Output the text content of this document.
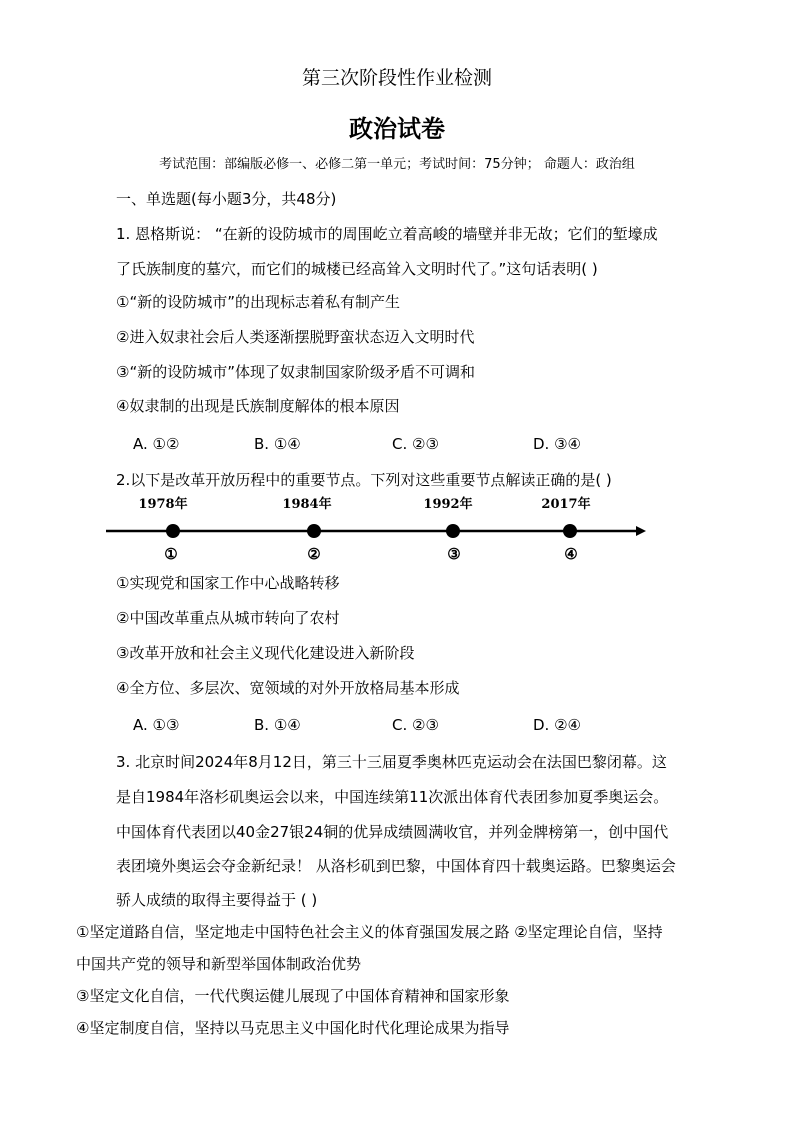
第三次阶段性作业检测
政治试卷
考试范围：部编版必修一、必修二第一单元；考试时间：75分钟； 命题人：政治组
一、单选题(每小题3分，共48分)
1. 恩格斯说： “在新的设防城市的周围屹立着高峻的墙壁并非无故；它们的堑壕成
了氏族制度的墓穴，而它们的城楼已经高耸入文明时代了。”这句话表明( )
①“新的设防城市”的出现标志着私有制产生
②进入奴隶社会后人类逐渐摆脱野蛮状态迈入文明时代
③“新的设防城市”体现了奴隶制国家阶级矛盾不可调和
④奴隶制的出现是氏族制度解体的根本原因
A. ①②	B. ①④	C. ②③	D. ③④
2.以下是改革开放历程中的重要节点。下列对这些重要节点解读正确的是( )
1978年
①
1984年
②
1992年
③
2017年
④
①实现党和国家工作中心战略转移
②中国改革重点从城市转向了农村
③改革开放和社会主义现代化建设进入新阶段
④全方位、多层次、宽领域的对外开放格局基本形成
A. ①③	B. ①④	C. ②③	D. ②④
3. 北京时间2024年8月12日，第三十三届夏季奥林匹克运动会在法国巴黎闭幕。这
是自1984年洛杉矶奥运会以来，中国连续第11次派出体育代表团参加夏季奥运会。
中国体育代表团以40金27银24铜的优异成绩圆满收官，并列金牌榜第一，创中国代
表团境外奥运会夺金新纪录！ 从洛杉矶到巴黎，中国体育四十载奥运路。巴黎奥运会
骄人成绩的取得主要得益于 ( )
①坚定道路自信，坚定地走中国特色社会主义的体育强国发展之路 ②坚定理论自信，坚持
中国共产党的领导和新型举国体制政治优势
③坚定文化自信，一代代舆运健儿展现了中国体育精神和国家形象
④坚定制度自信，坚持以马克思主义中国化时代化理论成果为指导
